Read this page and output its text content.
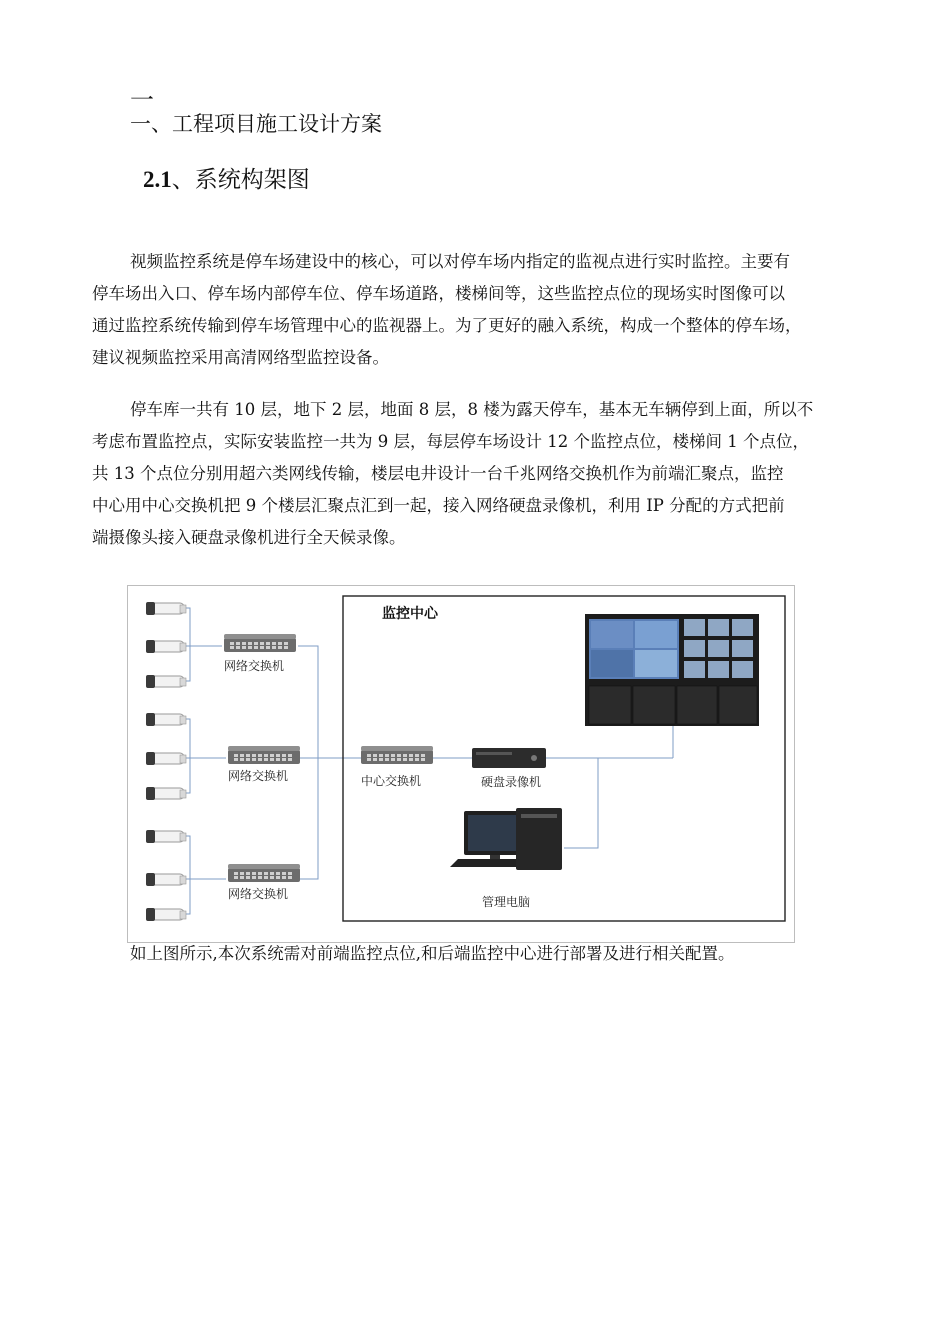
一
一、工程项目施工设计方案
2.1、系统构架图
视频监控系统是停车场建设中的核心，可以对停车场内指定的监视点进行实时监控。主要有
停车场出入口、停车场内部停车位、停车场道路，楼梯间等，这些监控点位的现场实时图像可以
通过监控系统传输到停车场管理中心的监视器上。为了更好的融入系统，构成一个整体的停车场，
建议视频监控采用高清网络型监控设备。
停车库一共有 10 层，地下 2 层，地面 8 层，8 楼为露天停车，基本无车辆停到上面，所以不
考虑布置监控点，实际安装监控一共为 9 层，每层停车场设计 12 个监控点位，楼梯间 1 个点位，
共 13 个点位分别用超六类网线传输，楼层电井设计一台千兆网络交换机作为前端汇聚点，监控
中心用中心交换机把 9 个楼层汇聚点汇到一起，接入网络硬盘录像机，利用 IP 分配的方式把前
端摄像头接入硬盘录像机进行全天候录像。
监控中心
网络交换机
网络交换机
网络交换机
中心交换机	硬盘录像机
管理电脑
如上图所示,本次系统需对前端监控点位,和后端监控中心进行部署及进行相关配置。
